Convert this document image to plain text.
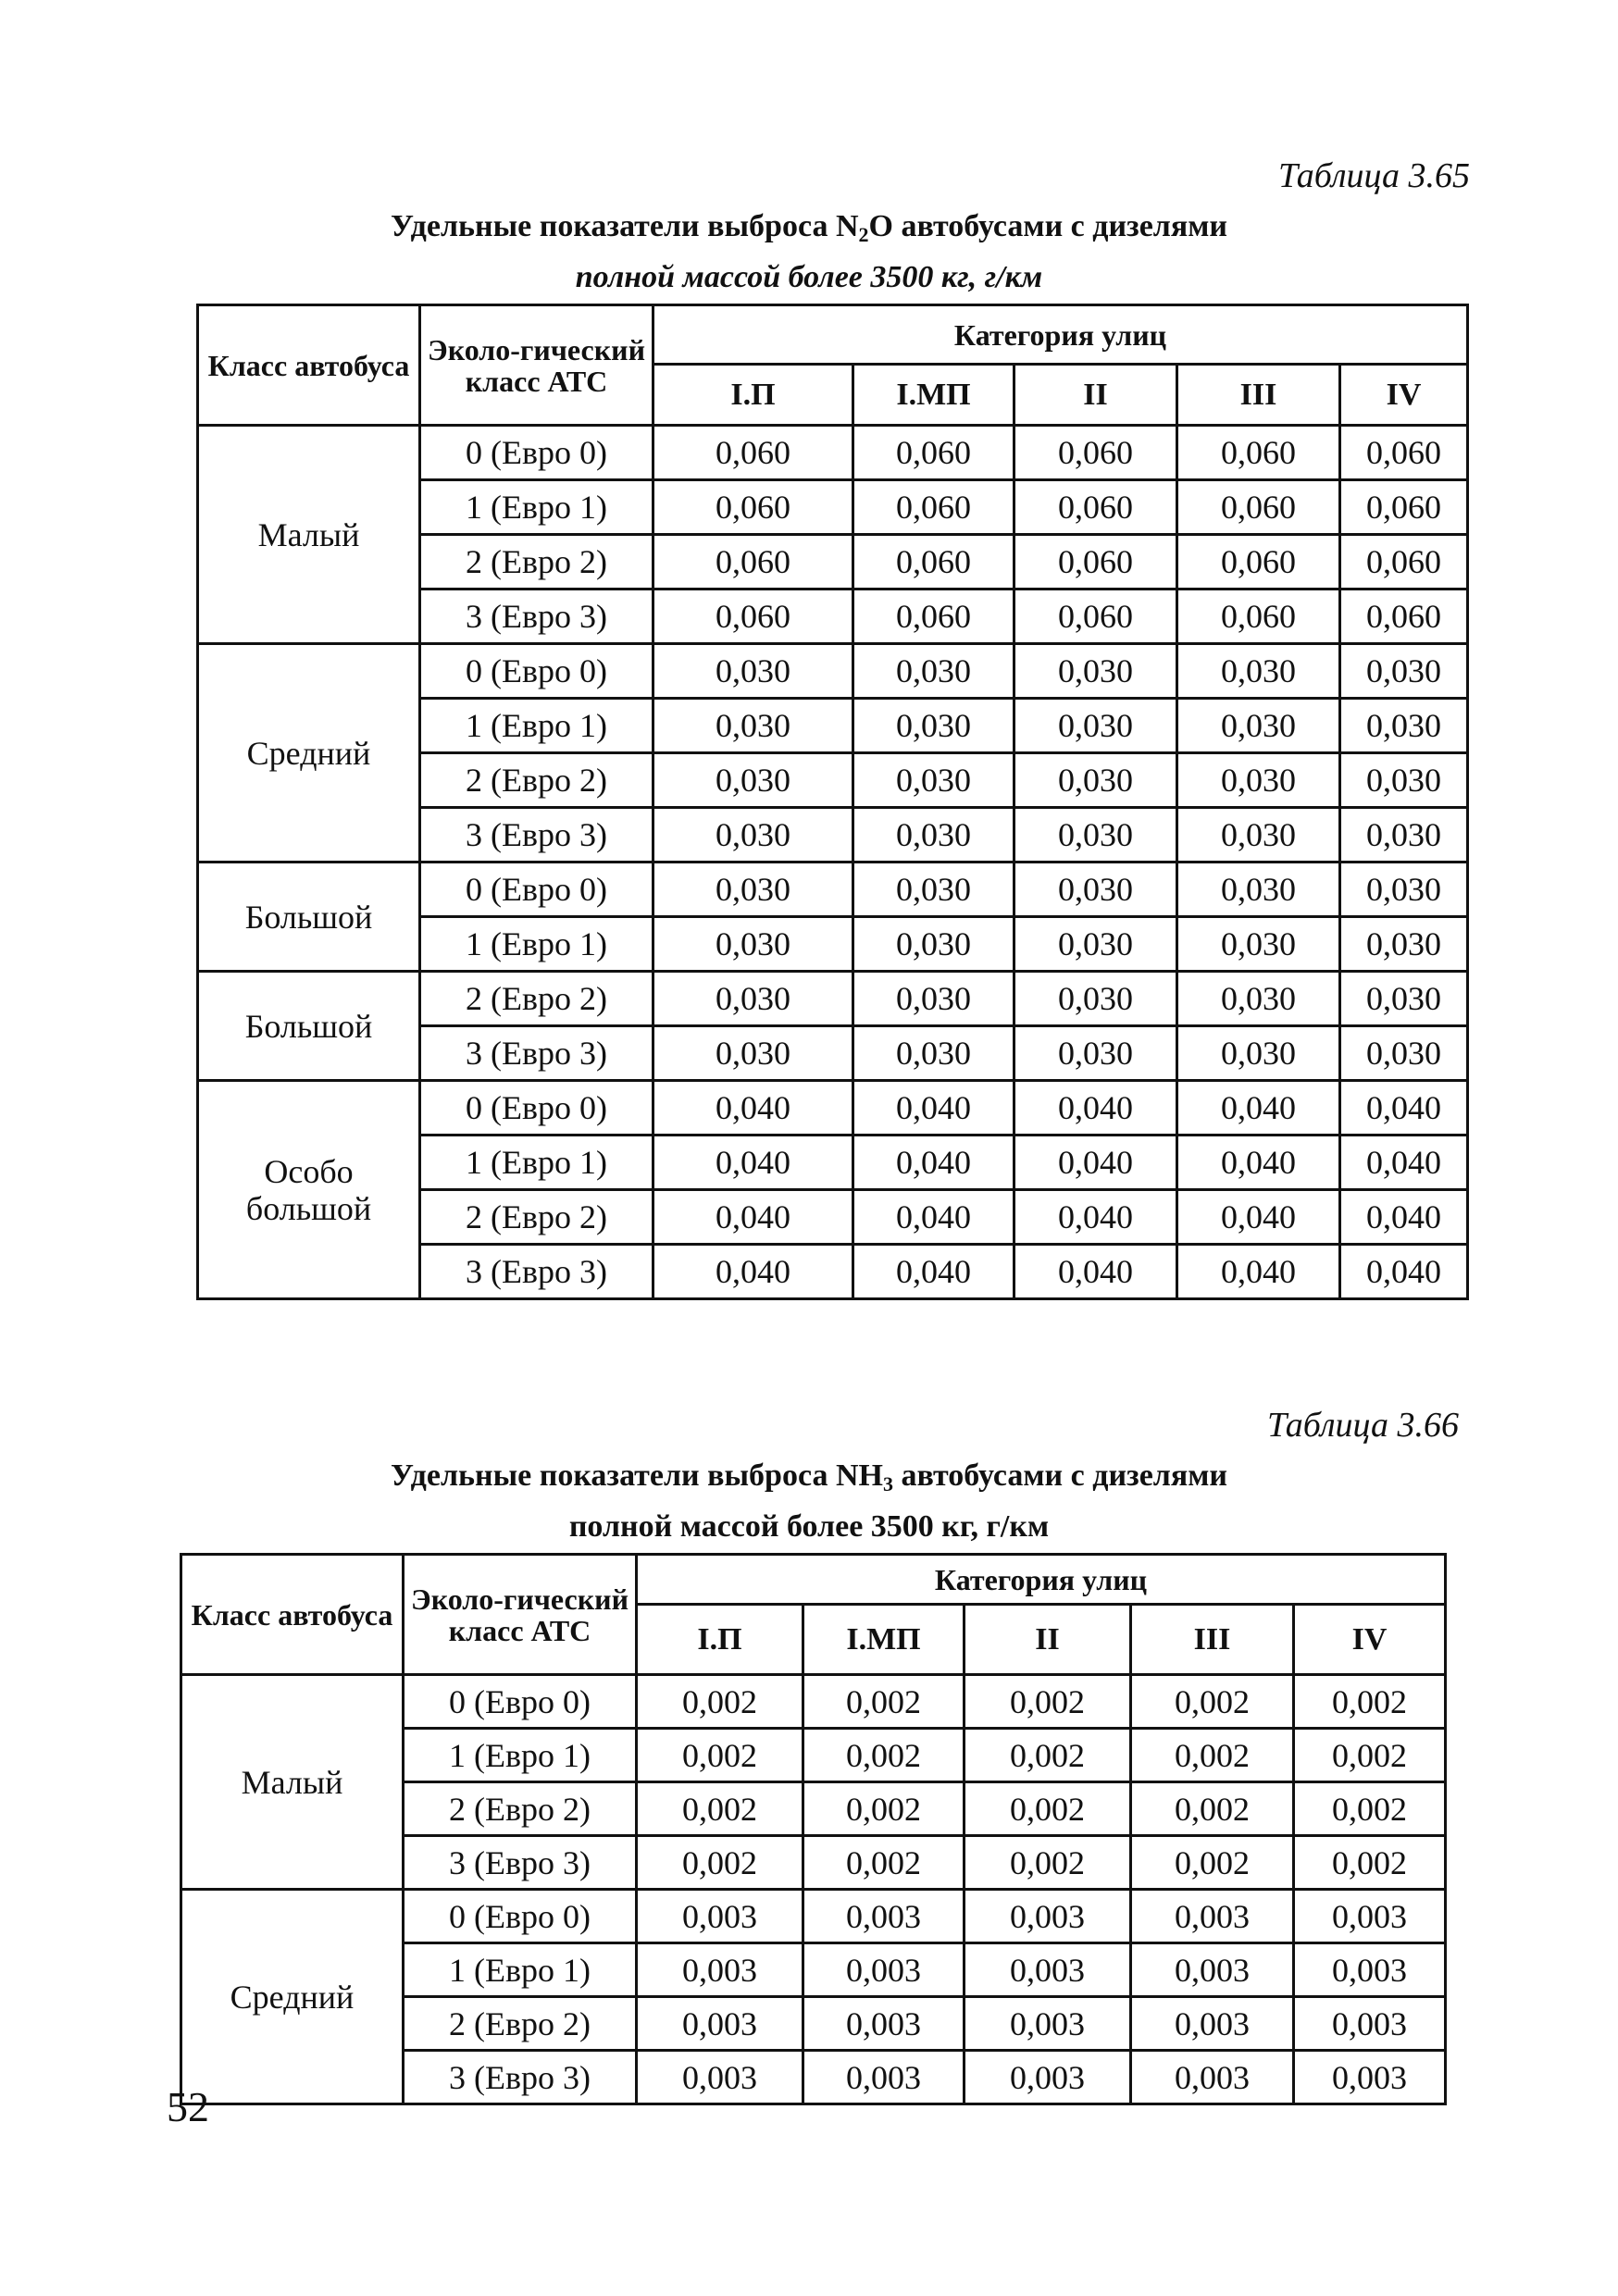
Таблица 3.65
Удельные показатели выброса $N_2O$ автобусами с дизелями
полной массой более 3500 кг, г/км
Класс автобуса	Эколо-гический класс АТС	Категория улиц				
		I.П	I.МП	II	III	IV
Малый	0 (Евро 0)	0,060	0,060	0,060	0,060	0,060
	1 (Евро 1)	0,060	0,060	0,060	0,060	0,060
	2 (Евро 2)	0,060	0,060	0,060	0,060	0,060
	3 (Евро 3)	0,060	0,060	0,060	0,060	0,060
Средний	0 (Евро 0)	0,030	0,030	0,030	0,030	0,030
	1 (Евро 1)	0,030	0,030	0,030	0,030	0,030
	2 (Евро 2)	0,030	0,030	0,030	0,030	0,030
	3 (Евро 3)	0,030	0,030	0,030	0,030	0,030
Большой	0 (Евро 0)	0,030	0,030	0,030	0,030	0,030
	1 (Евро 1)	0,030	0,030	0,030	0,030	0,030
Большой	2 (Евро 2)	0,030	0,030	0,030	0,030	0,030
	3 (Евро 3)	0,030	0,030	0,030	0,030	0,030
Особо большой	0 (Евро 0)	0,040	0,040	0,040	0,040	0,040
	1 (Евро 1)	0,040	0,040	0,040	0,040	0,040
	2 (Евро 2)	0,040	0,040	0,040	0,040	0,040
	3 (Евро 3)	0,040	0,040	0,040	0,040	0,040
Таблица 3.66
Удельные показатели выброса $NH_3$ автобусами с дизелями
полной массой более 3500 кг, г/км
Класс автобуса	Эколо-гический класс АТС	Категория улиц				
		I.П	I.МП	II	III	IV
Малый	0 (Евро 0)	0,002	0,002	0,002	0,002	0,002
	1 (Евро 1)	0,002	0,002	0,002	0,002	0,002
	2 (Евро 2)	0,002	0,002	0,002	0,002	0,002
	3 (Евро 3)	0,002	0,002	0,002	0,002	0,002
Средний	0 (Евро 0)	0,003	0,003	0,003	0,003	0,003
	1 (Евро 1)	0,003	0,003	0,003	0,003	0,003
	2 (Евро 2)	0,003	0,003	0,003	0,003	0,003
	3 (Евро 3)	0,003	0,003	0,003	0,003	0,003
52
